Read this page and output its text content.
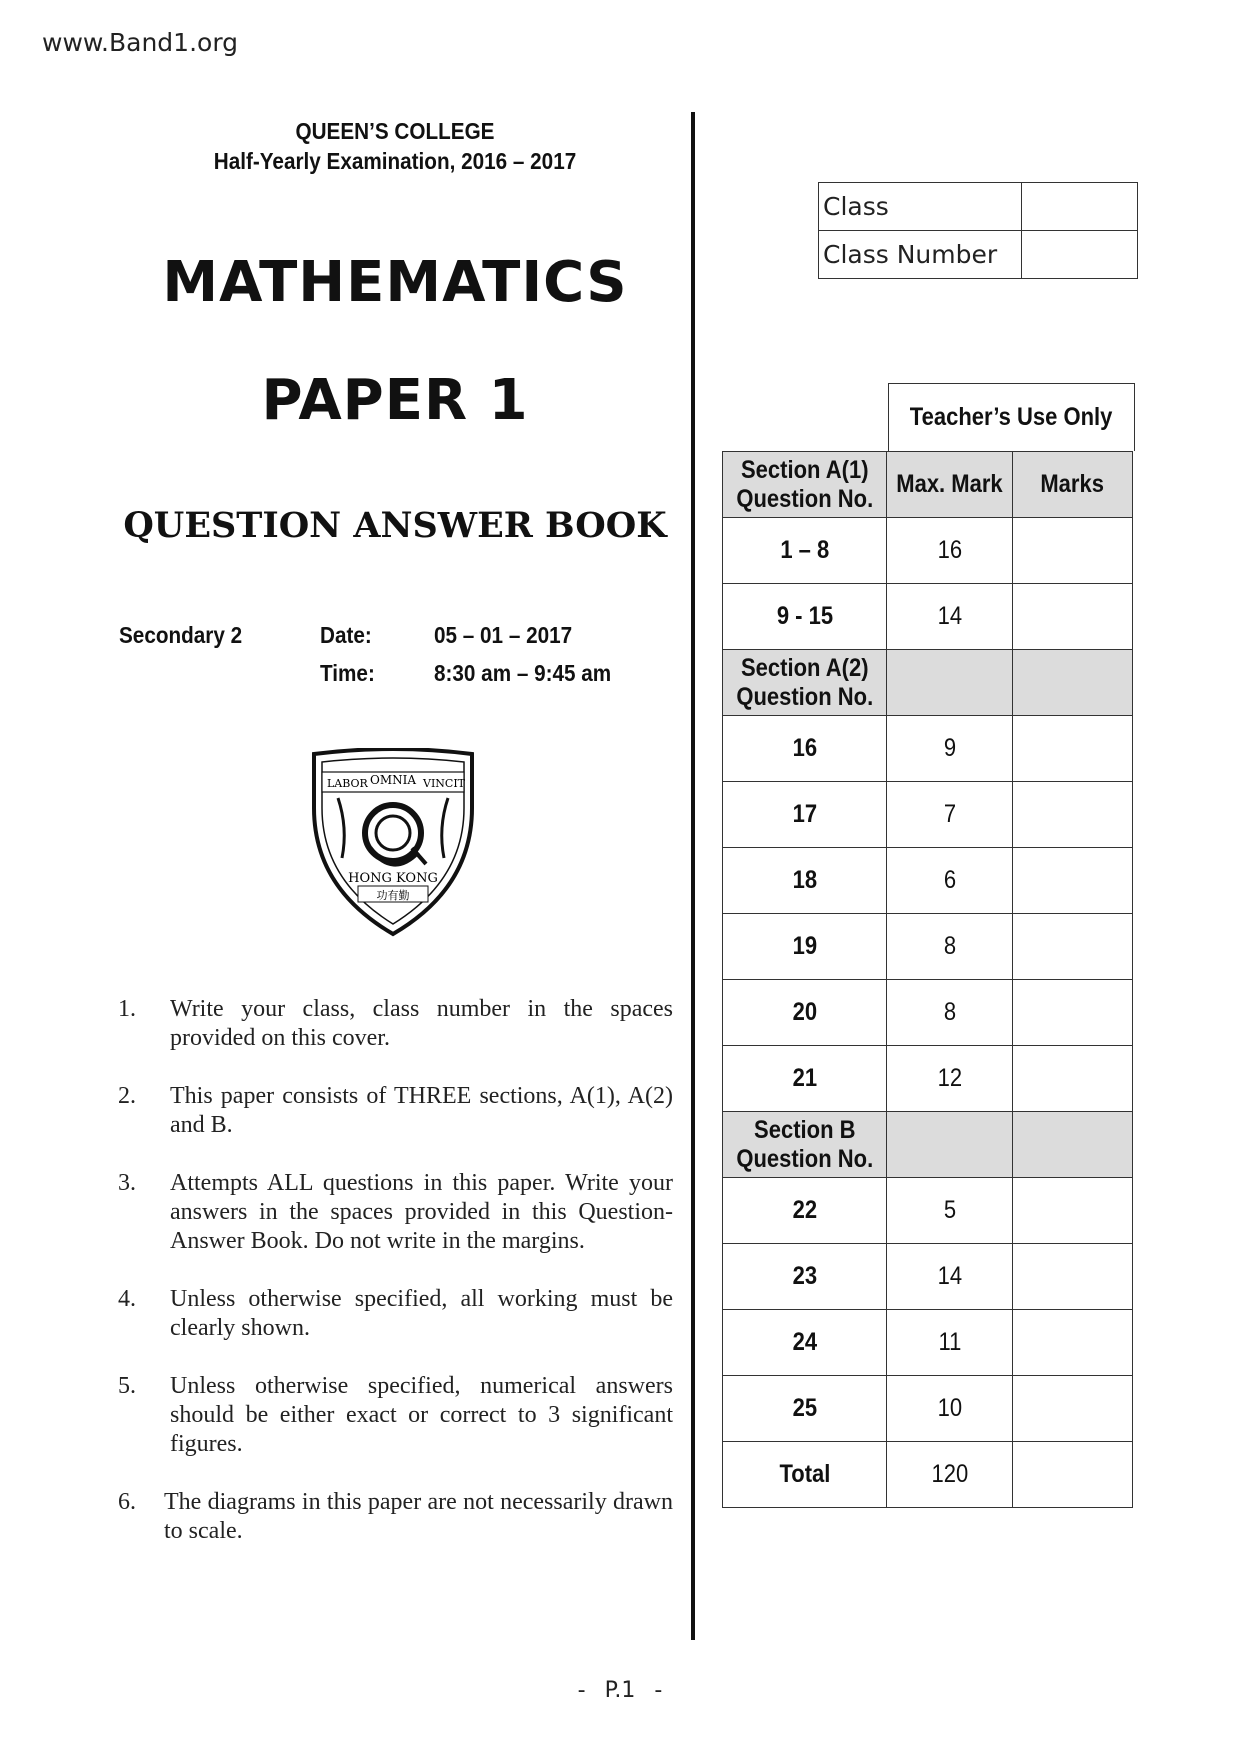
www.Band1.org
QUEEN’S COLLEGE
Half-Yearly Examination, 2016 – 2017
MATHEMATICS
PAPER 1
QUESTION ANSWER BOOK
Secondary 2	Date:	05 – 01 – 2017
Time:	8:30 am – 9:45 am
LABOR OMNIA VINCIT
HONG KONG
功有勤
1. Write your class, class number in the spaces provided on this cover.
2. This paper consists of THREE sections, A(1), A(2) and B.
3. Attempts ALL questions in this paper. Write your answers in the spaces provided in this Question-Answer Book. Do not write in the margins.
4. Unless otherwise specified, all working must be clearly shown.
5. Unless otherwise specified, numerical answers should be either exact or correct to 3 significant figures.
6. The diagrams in this paper are not necessarily drawn to scale.
Class	
Class Number	
Teacher’s Use Only
Section A(1)
Question No.	Max. Mark	Marks
1 – 8	16	
9 - 15	14	
Section A(2)
Question No.		
16	9	
17	7	
18	6	
19	8	
20	8	
21	12	
Section B
Question No.		
22	5	
23	14	
24	11	
25	10	
Total	120	
- P.1 -
